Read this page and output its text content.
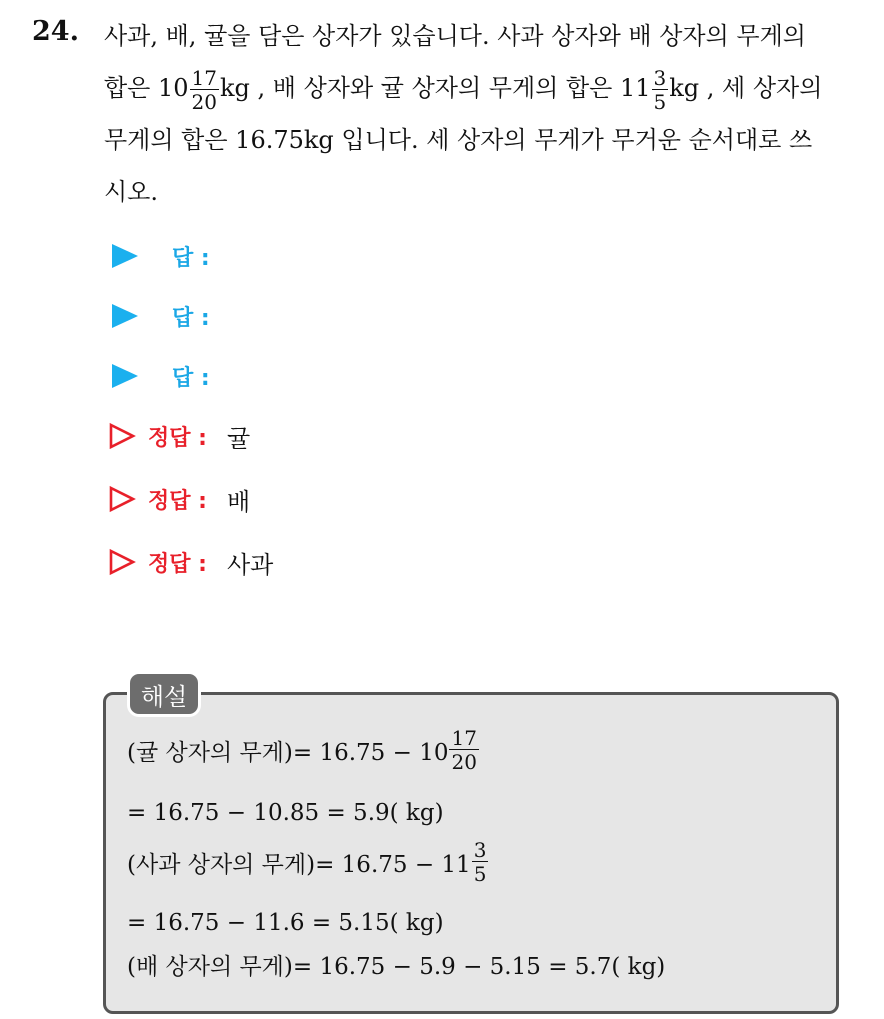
24. 사과, 배, 귤을 담은 상자가 있습니다. 사과 상자와 배 상자의 무게의
합은 $10 \frac{17}{20}$ kg , 배 상자와 귤 상자의 무게의 합은 $11 \frac{3}{5}$ kg , 세 상자의
무게의 합은 16.75kg 입니다. 세 상자의 무게가 무거운 순서대로 쓰
시오.
답 :
답 :
답 :
정답 : 귤
정답 : 배
정답 : 사과
해설
(귤 상자의 무게)= $16.75 - 10 \frac{17}{20}$
= 16.75 − 10.85 = 5.9( kg)
(사과 상자의 무게)= $16.75 - 11 \frac{3}{5}$
= 16.75 − 11.6 = 5.15( kg)
(배 상자의 무게)= 16.75 − 5.9 − 5.15 = 5.7( kg)
